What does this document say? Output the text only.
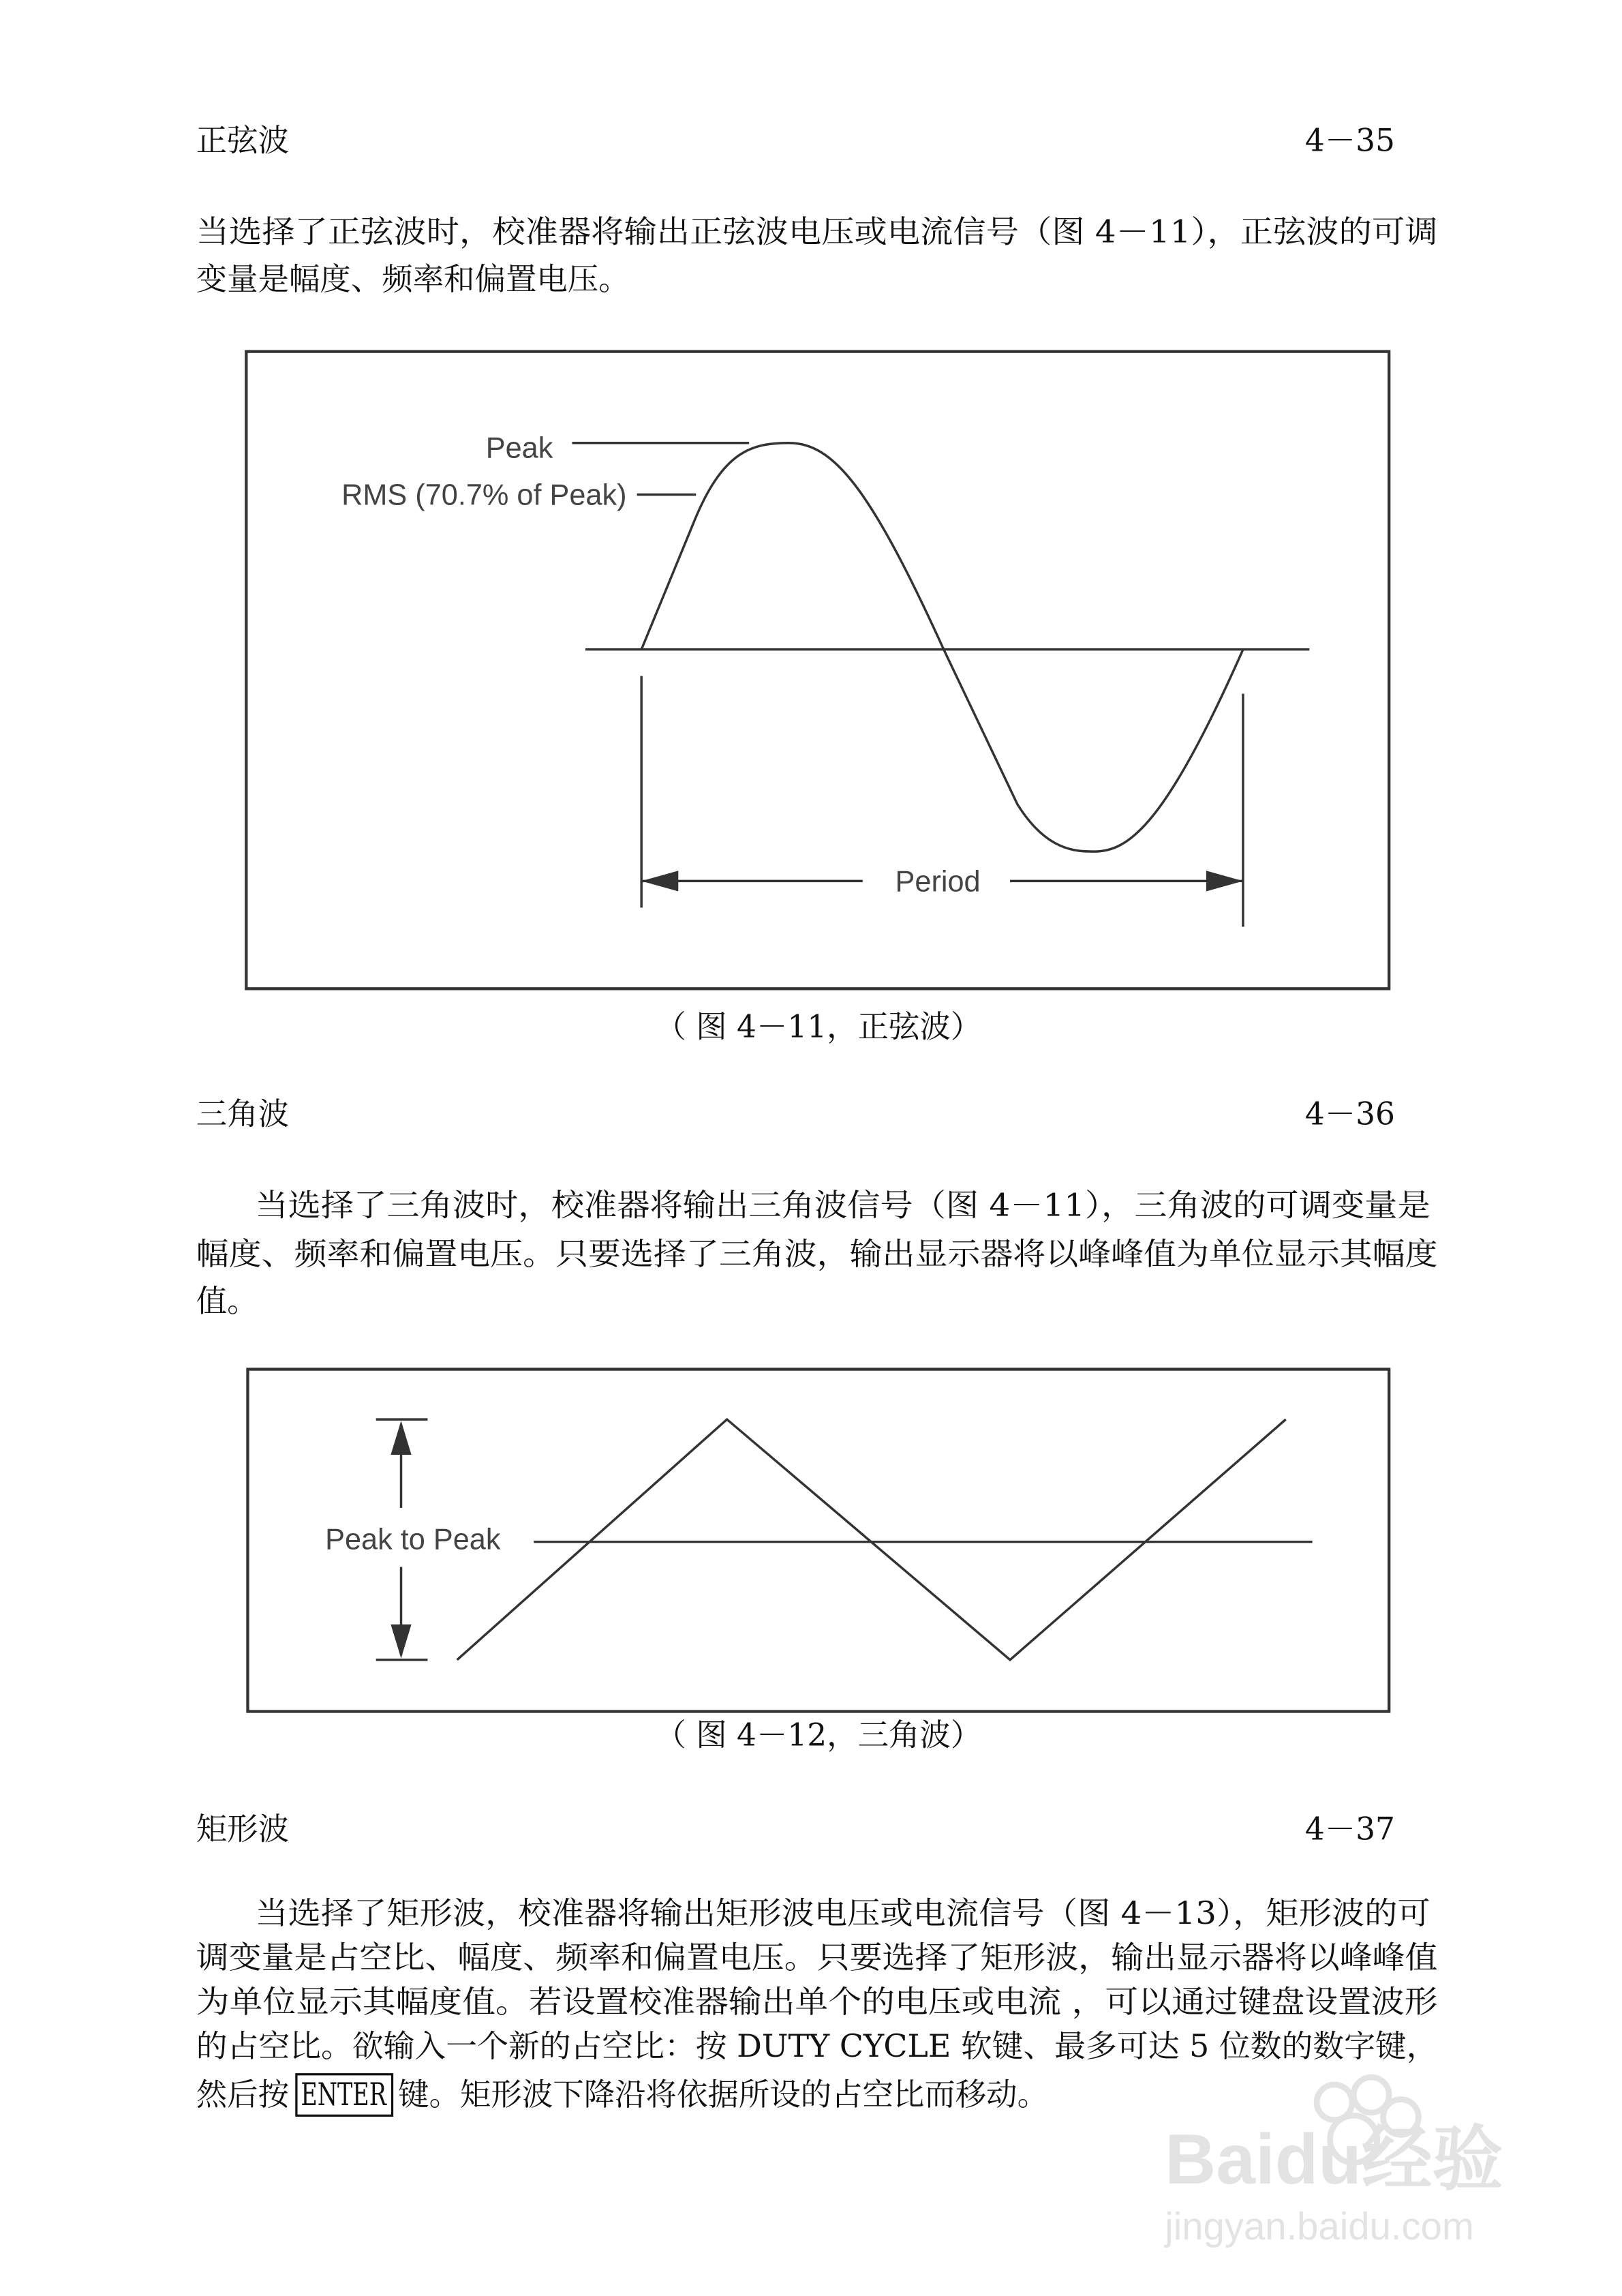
正弦波	4－35
当选择了正弦波时，校准器将输出正弦波电压或电流信号（图 4－11），正弦波的可调
变量是幅度、频率和偏置电压。
Peak
RMS (70.7% of Peak)
Period
（ 图 4－11，正弦波）
三角波	4－36
当选择了三角波时，校准器将输出三角波信号（图 4－11），三角波的可调变量是
幅度、频率和偏置电压。只要选择了三角波，输出显示器将以峰峰值为单位显示其幅度
值。
Peak to Peak
（ 图 4－12，三角波）
矩形波	4－37
当选择了矩形波，校准器将输出矩形波电压或电流信号（图 4－13），矩形波的可
调变量是占空比、幅度、频率和偏置电压。只要选择了矩形波，输出显示器将以峰峰值
为单位显示其幅度值。若设置校准器输出单个的电压或电流 ，可以通过键盘设置波形
的占空比。欲输入一个新的占空比：按 DUTY CYCLE 软键、最多可达 5 位数的数字键，
然后按 ENTER 键。矩形波下降沿将依据所设的占空比而移动。
Baidu经验
jingyan.baidu.com
